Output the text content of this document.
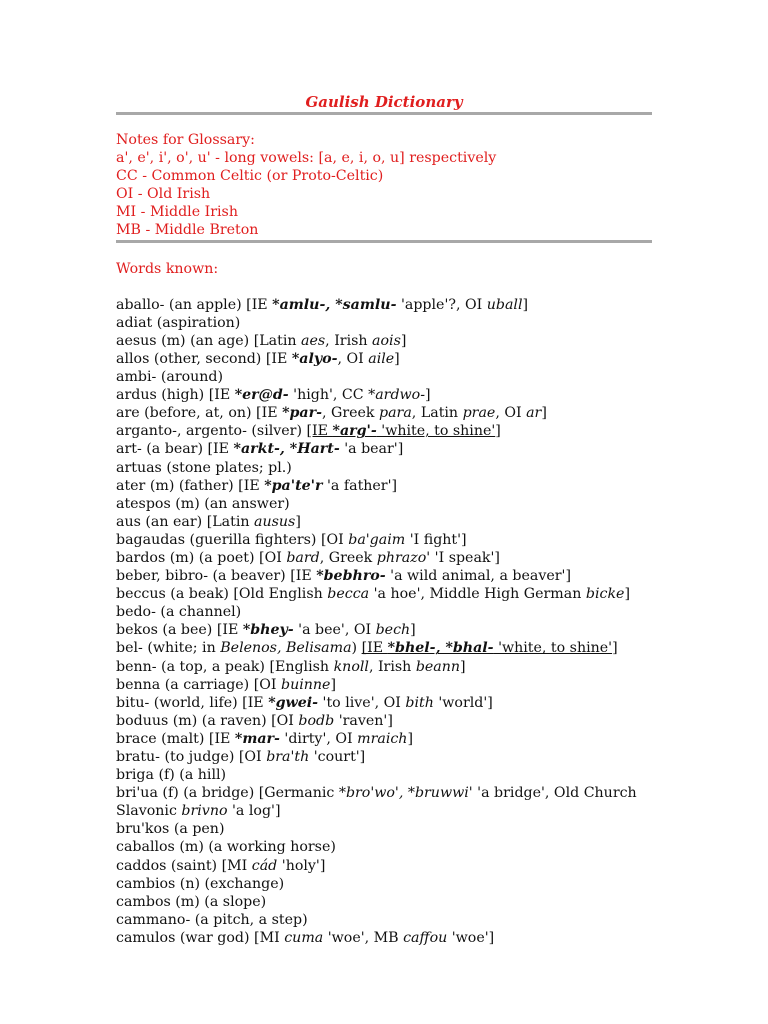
Gaulish Dictionary
Notes for Glossary:
a', e', i', o', u' - long vowels: [a, e, i, o, u] respectively
CC - Common Celtic (or Proto-Celtic)
OI - Old Irish
MI - Middle Irish
MB - Middle Breton
Words known:
aballo- (an apple) [IE *amlu-, *samlu- 'apple'?, OI uball]
adiat (aspiration)
aesus (m) (an age) [Latin aes, Irish aois]
allos (other, second) [IE *alyo-, OI aile]
ambi- (around)
ardus (high) [IE *er@d- 'high', CC *ardwo-]
are (before, at, on) [IE *par-, Greek para, Latin prae, OI ar]
arganto-, argento- (silver) [IE *arg'- 'white, to shine']
art- (a bear) [IE *arkt-, *Hart- 'a bear']
artuas (stone plates; pl.)
ater (m) (father) [IE *pa'te'r 'a father']
atespos (m) (an answer)
aus (an ear) [Latin ausus]
bagaudas (guerilla fighters) [OI ba'gaim 'I fight']
bardos (m) (a poet) [OI bard, Greek phrazo' 'I speak']
beber, bibro- (a beaver) [IE *bebhro- 'a wild animal, a beaver']
beccus (a beak) [Old English becca 'a hoe', Middle High German bicke]
bedo- (a channel)
bekos (a bee) [IE *bhey- 'a bee', OI bech]
bel- (white; in Belenos, Belisama) [IE *bhel-, *bhal- 'white, to shine']
benn- (a top, a peak) [English knoll, Irish beann]
benna (a carriage) [OI buinne]
bitu- (world, life) [IE *gwei- 'to live', OI bith 'world']
boduus (m) (a raven) [OI bodb 'raven']
brace (malt) [IE *mar- 'dirty', OI mraich]
bratu- (to judge) [OI bra'th 'court']
briga (f) (a hill)
bri'ua (f) (a bridge) [Germanic *bro'wo', *bruwwi' 'a bridge', Old Church Slavonic brivno 'a log']
bru'kos (a pen)
caballos (m) (a working horse)
caddos (saint) [MI cád 'holy']
cambios (n) (exchange)
cambos (m) (a slope)
cammano- (a pitch, a step)
camulos (war god) [MI cuma 'woe', MB caffou 'woe']
